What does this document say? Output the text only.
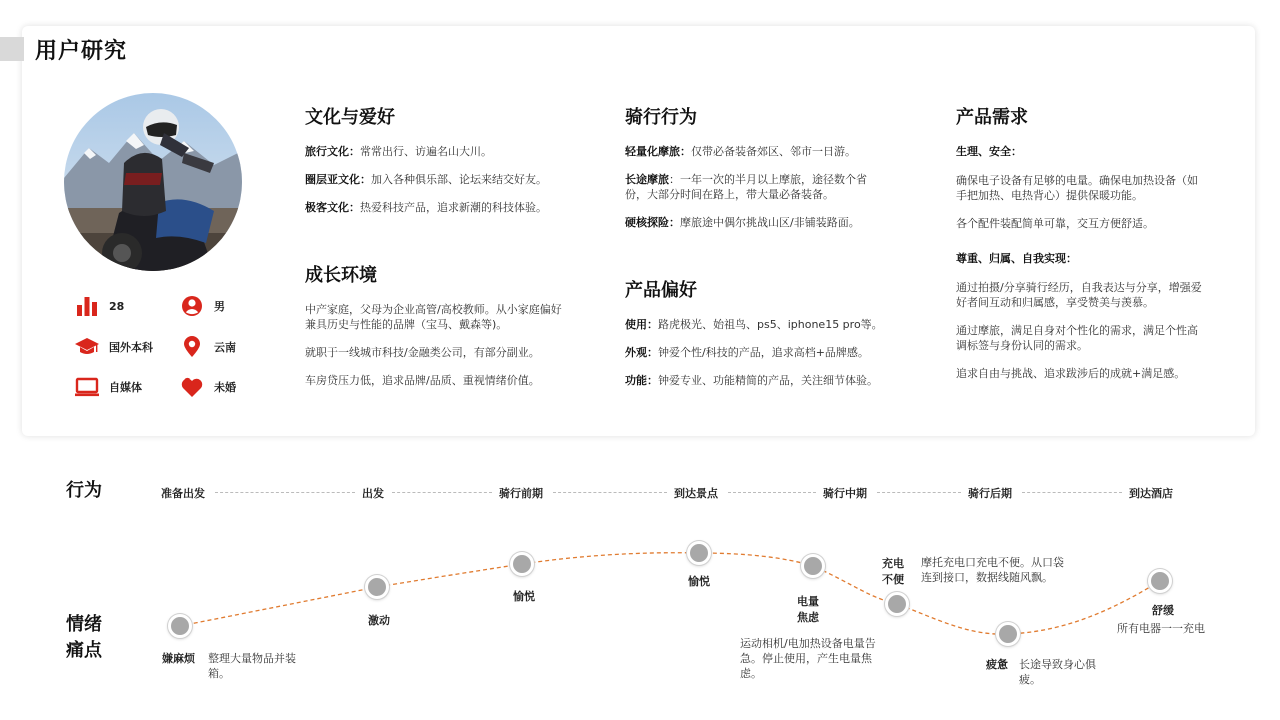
用户研究
28	男
国外本科	云南
自媒体	未婚
文化与爱好
旅行文化：常常出行、访遍名山大川。
圈层亚文化：加入各种俱乐部、论坛来结交好友。
极客文化：热爱科技产品，追求新潮的科技体验。
成长环境
中产家庭，父母为企业高管/高校教师。从小家庭偏好兼具历史与性能的品牌（宝马、戴森等)。
就职于一线城市科技/金融类公司，有部分副业。
车房贷压力低，追求品牌/品质、重视情绪价值。
骑行行为
轻量化摩旅：仅带必备装备郊区、邻市一日游。
长途摩旅：一年一次的半月以上摩旅，途径数个省份，大部分时间在路上，带大量必备装备。
硬核探险：摩旅途中偶尔挑战山区/非铺装路面。
产品偏好
使用：路虎极光、始祖鸟、ps5、iphone15 pro等。
外观：钟爱个性/科技的产品，追求高档+品牌感。
功能：钟爱专业、功能精简的产品，关注细节体验。
产品需求
生理、安全：
确保电子设备有足够的电量。确保电加热设备（如手把加热、电热背心）提供保暖功能。
各个配件装配简单可靠，交互方便舒适。
尊重、归属、自我实现：
通过拍摄/分享骑行经历，自我表达与分享，增强爱好者间互动和归属感，享受赞美与羡慕。
通过摩旅，满足自身对个性化的需求，满足个性高调标签与身份认同的需求。
追求自由与挑战、追求跋涉后的成就+满足感。
行为
情绪
痛点
准备出发	出发	骑行前期	到达景点	骑行中期	骑行后期	到达酒店
嫌麻烦 整理大量物品并装箱。
激动
愉悦
愉悦
电量
焦虑
运动相机/电加热设备电量告急。停止使用，产生电量焦虑。
充电
不便
摩托充电口充电不便。从口袋连到接口，数据线随风飘。
疲惫 长途导致身心俱疲。
舒缓
所有电器一一充电
